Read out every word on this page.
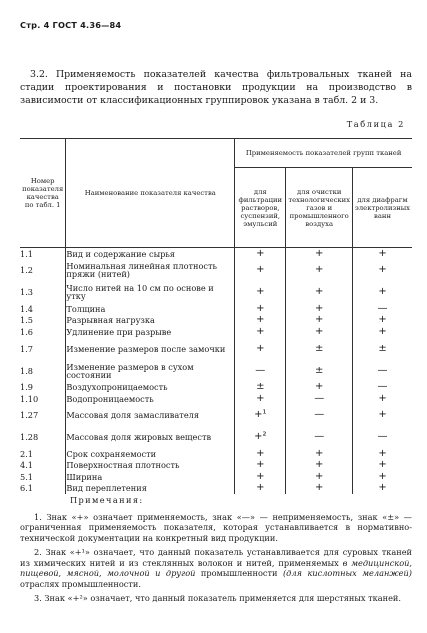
Стр. 4 ГОСТ 4.36—84
3.2. Применяемость показателей качества фильтровальных тканей на стадии проектирования и постановки продукции на производство в зависимости от классификационных группировок указана в табл. 2 и 3.
Таблица 2
Номер показателя качества по табл. 1	Наименование показателя качества	Применяемость показателей групп тканей		
		для фильтрации растворов, суспензий, эмульсий	для очистки технологических газов и промышленного воздуха	для диафрагм электролизных ванн
1.1	Вид и содержание сырья	+	+	+
1.2	Номинальная линейная плотность пряжи (нитей)	+	+	+
1.3	Число нитей на 10 см по основе и утку	+	+	+
1.4	Толщина	+	+	—
1.5	Разрывная нагрузка	+	+	+
1.6	Удлинение при разрыве	+	+	+
1.7	Изменение размеров после замочки	+	±	±
1.8	Изменение размеров в сухом состоянии	—	±	—
1.9	Воздухопроницаемость	±	+	—
1.10	Водопроницаемость	+	—	+
1.27	Массовая доля замасливателя	+¹	—	+
1.28	Массовая доля жировых веществ	+²	—	—
2.1	Срок сохраняемости	+	+	+
4.1	Поверхностная плотность	+	+	+
5.1	Ширина	+	+	+
6.1	Вид переплетения	+	+	+
Примечания:

1. Знак «+» означает применяемость, знак «—» — неприменяемость, знак «±» — ограниченная применяемость показателя, которая устанавливается в нормативно-технической документации на конкретный вид продукции.

2. Знак «+¹» означает, что данный показатель устанавливается для суровых тканей из химических нитей и из стеклянных волокон и нитей, применяемых в медицинской, пищевой, мясной, молочной и другой промышленности (для кислотных меланжей) отраслях промышленности.

3. Знак «+²» означает, что данный показатель применяется для шерстяных тканей.
